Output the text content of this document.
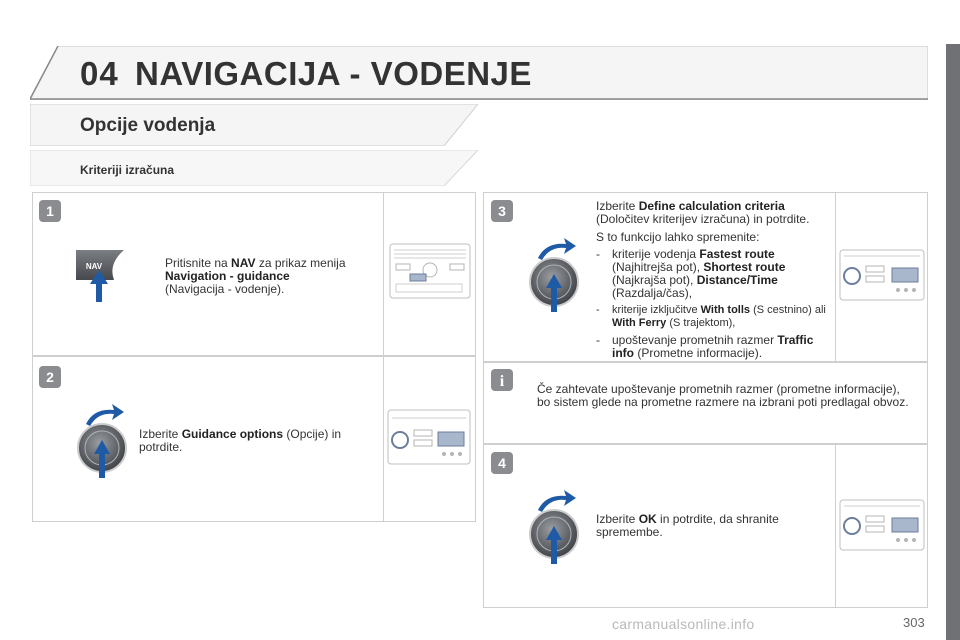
04 NAVIGACIJA - VODENJE
Opcije vodenja
Kriteriji izračuna
1
2
3
i
4
NAV	Pritisnite na NAV za prikaz menija Navigation - guidance
(Navigacija - vodenje).
Izberite Guidance options (Opcije) in potrdite.
Izberite Define calculation criteria
(Določitev kriterijev izračuna) in potrdite.
S to funkcijo lahko spremenite:
- kriterije vodenja Fastest route
(Najhitrejša pot), Shortest route
(Najkrajša pot), Distance/Time
(Razdalja/čas),
- kriterije izključitve With tolls (S cestnino) ali With Ferry (S trajektom),
- upoštevanje prometnih razmer Traffic info (Prometne informacije).
Če zahtevate upoštevanje prometnih razmer (prometne informacije), bo sistem glede na prometne razmere na izbrani poti predlagal obvoz.
Izberite OK in potrdite, da shranite spremembe.
carmanualsonline.info	303
